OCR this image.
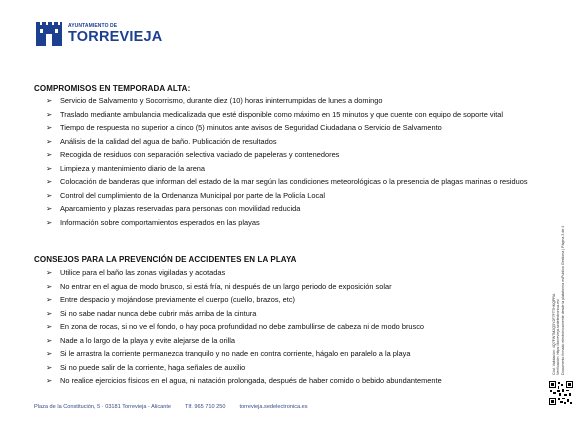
AYUNTAMIENTO DE
TORREVIEJA
COMPROMISOS EN TEMPORADA ALTA:
➢ Servicio de Salvamento y Socorrismo, durante diez (10) horas ininterrumpidas de lunes a domingo
➢ Traslado mediante ambulancia medicalizada que esté disponible como máximo en 15 minutos y que cuente con equipo de soporte vital
➢ Tiempo de respuesta no superior a cinco (5) minutos ante avisos de Seguridad Ciudadana o Servicio de Salvamento
➢ Análisis de la calidad del agua de baño. Publicación de resultados
➢ Recogida de residuos con separación selectiva vaciado de papeleras y contenedores
➢ Limpieza y mantenimiento diario de la arena
➢ Colocación de banderas que informan del estado de la mar según las condiciones meteorológicas o la presencia de plagas marinas o residuos
➢ Control del cumplimiento de la Ordenanza Municipal por parte de la Policía Local
➢ Aparcamiento y plazas reservadas para personas con movilidad reducida
➢ Información sobre comportamientos esperados en las playas
CONSEJOS PARA LA PREVENCIÓN DE ACCIDENTES EN LA PLAYA
➢ Utilice para el baño las zonas vigiladas y acotadas
➢ No entrar en el agua de modo brusco, si está fría, ni después de un largo periodo de exposición solar
➢ Entre despacio y mojándose previamente el cuerpo (cuello, brazos, etc)
➢ Si no sabe nadar nunca debe cubrir más arriba de la cintura
➢ En zona de rocas, si no ve el fondo, o hay poca profundidad no debe zambullirse de cabeza ni de modo brusco
➢ Nade a lo largo de la playa y evite alejarse de la orilla
➢ Si le arrastra la corriente permanezca tranquilo y no nade en contra corriente, hágalo en paralelo a la playa
➢ Si no puede salir de la corriente, haga señales de auxilio
➢ No realice ejercicios físicos en el agua, ni natación prolongada, después de haber comido o bebido abundantemente
Plaza de la Constitución, 5 · 03181 Torrevieja - Alicante	Tlf. 965 710 250	torrevieja.sedelectronica.es
Cód. Validación: 4Q7FW7M2Q5Y2F7FTTHKQPRA Verificación: https://torrevieja.sedelectronica.es/ Documento firmado electrónicamente desde la plataforma esPublico Gestiona | Página 3 de 4
